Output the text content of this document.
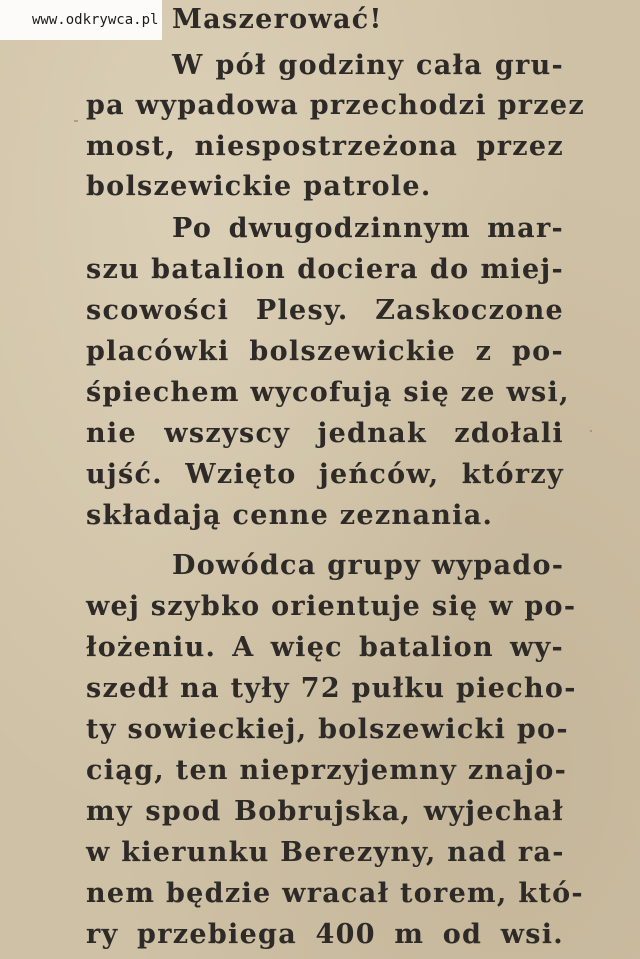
www.odkrywca.pl Maszerować!
W pół godziny cała gru-
pa wypadowa przechodzi przez
most, niespostrzeżona przez
bolszewickie patrole.
Po dwugodzinnym mar-
szu batalion dociera do miej-
scowości Plesy. Zaskoczone
placówki bolszewickie z po-
śpiechem wycofują się ze wsi,
nie wszyscy jednak zdołali
ujść. Wzięto jeńców, którzy
składają cenne zeznania.
Dowódca grupy wypado-
wej szybko orientuje się w po-
łożeniu. A więc batalion wy-
szedł na tyły 72 pułku piecho-
ty sowieckiej, bolszewicki po-
ciąg, ten nieprzyjemny znajo-
my spod Bobrujska, wyjechał
w kierunku Berezyny, nad ra-
nem będzie wracał torem, któ-
ry przebiega 400 m od wsi.
